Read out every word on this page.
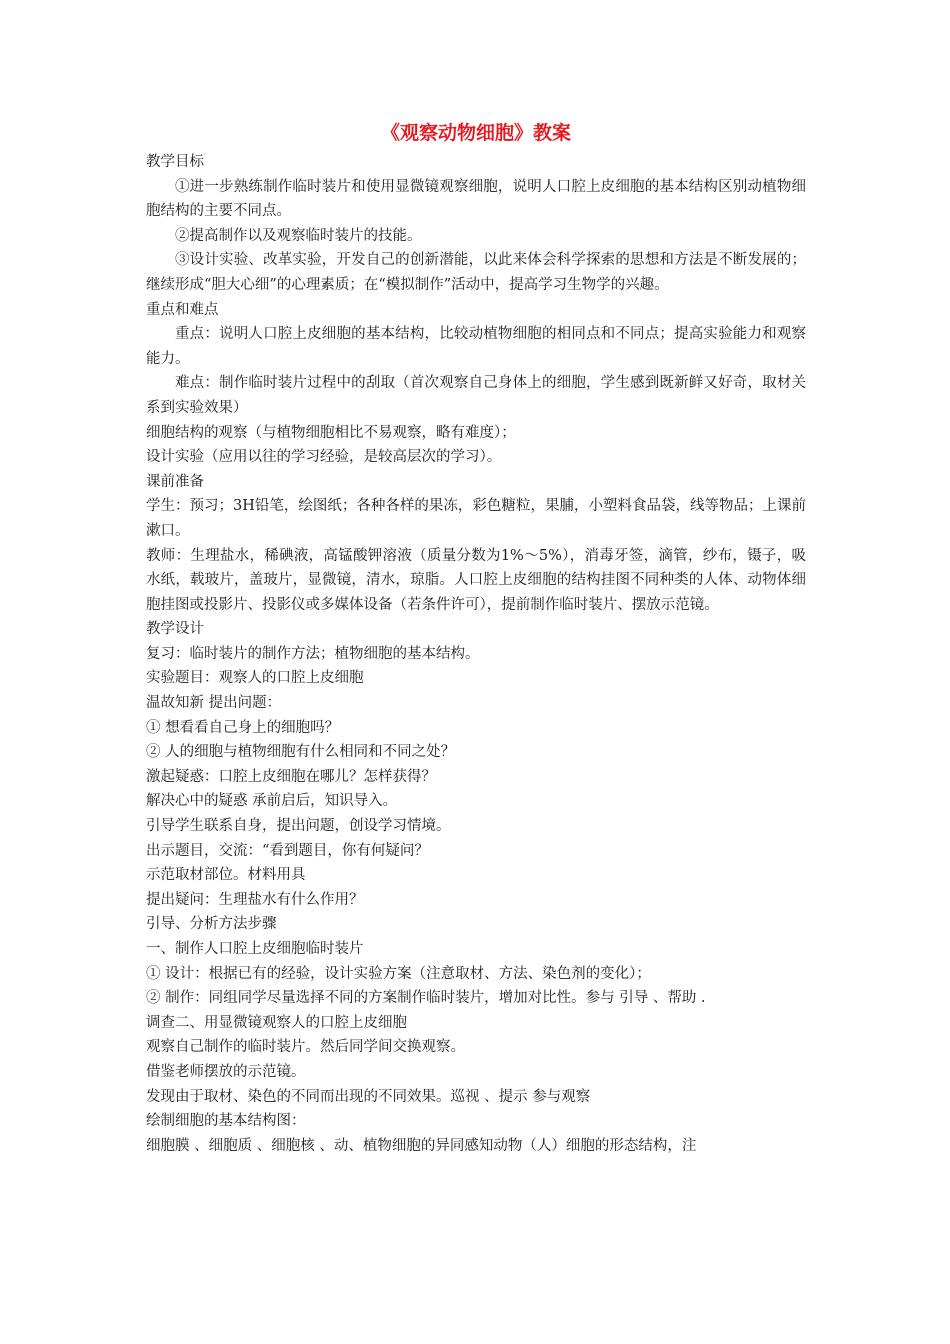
《观察动物细胞》教案

教学目标

①进一步熟练制作临时装片和使用显微镜观察细胞，说明人口腔上皮细胞的基本结构区别动植物细胞结构的主要不同点。

②提高制作以及观察临时装片的技能。

③设计实验、改革实验，开发自己的创新潜能，以此来体会科学探索的思想和方法是不断发展的；继续形成“胆大心细”的心理素质；在“模拟制作”活动中，提高学习生物学的兴趣。

重点和难点

重点：说明人口腔上皮细胞的基本结构，比较动植物细胞的相同点和不同点；提高实验能力和观察能力。

难点：制作临时装片过程中的刮取（首次观察自己身体上的细胞，学生感到既新鲜又好奇，取材关系到实验效果）

细胞结构的观察（与植物细胞相比不易观察，略有难度）；

设计实验（应用以往的学习经验，是较高层次的学习）。

课前准备

学生：预习；3H铅笔，绘图纸；各种各样的果冻，彩色糖粒，果脯，小塑料食品袋，线等物品；上课前漱口。

教师：生理盐水，稀碘液，高锰酸钾溶液（质量分数为1%～5%），消毒牙签，滴管，纱布，镊子，吸水纸，载玻片，盖玻片，显微镜，清水，琼脂。人口腔上皮细胞的结构挂图不同种类的人体、动物体细胞挂图或投影片、投影仪或多媒体设备（若条件许可），提前制作临时装片、摆放示范镜。

教学设计

复习：临时装片的制作方法；植物细胞的基本结构。

实验题目：观察人的口腔上皮细胞

温故知新 提出问题：

① 想看看自己身上的细胞吗？

② 人的细胞与植物细胞有什么相同和不同之处？

激起疑惑：口腔上皮细胞在哪儿？怎样获得？

解决心中的疑惑 承前启后，知识导入。

引导学生联系自身，提出问题，创设学习情境。

出示题目，交流：“看到题目，你有何疑问？

示范取材部位。材料用具

提出疑问：生理盐水有什么作用？

引导、分析方法步骤

一、制作人口腔上皮细胞临时装片

① 设计：根据已有的经验，设计实验方案（注意取材、方法、染色剂的变化）；

② 制作：同组同学尽量选择不同的方案制作临时装片，增加对比性。参与 引导 、帮助 .

调查二、用显微镜观察人的口腔上皮细胞

观察自己制作的临时装片。然后同学间交换观察。

借鉴老师摆放的示范镜。

发现由于取材、染色的不同而出现的不同效果。巡视 、提示 参与观察

绘制细胞的基本结构图：

细胞膜 、细胞质 、细胞核 、动、植物细胞的异同感知动物（人）细胞的形态结构，注
